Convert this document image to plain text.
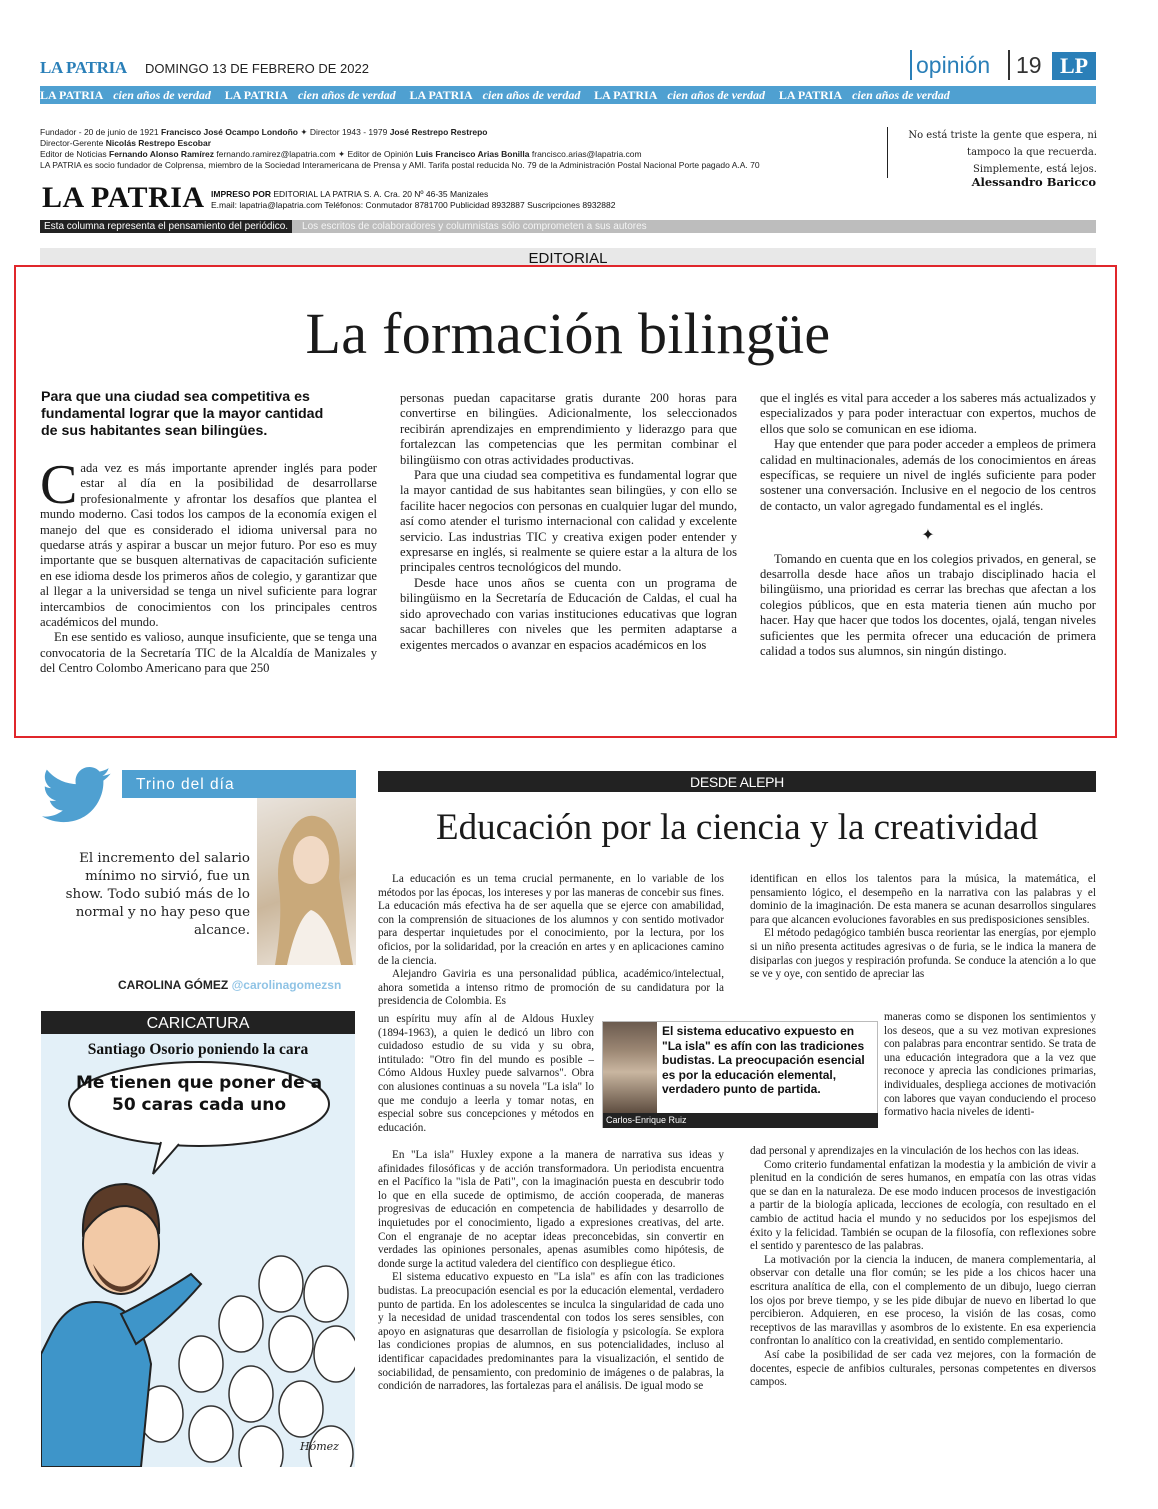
LA PATRIA DOMINGO 13 DE FEBRERO DE 2022	opinión	19 LP
LA PATRIA cien años de verdad LA PATRIA cien años de verdad LA PATRIA cien años de verdad LA PATRIA cien años de verdad LA PATRIA cien años de verdad
Fundador - 20 de junio de 1921 Francisco José Ocampo Londoño ✦ Director 1943 - 1979 José Restrepo Restrepo
Director-Gerente Nicolás Restrepo Escobar
Editor de Noticias Fernando Alonso Ramírez fernando.ramirez@lapatria.com ✦ Editor de Opinión Luis Francisco Arias Bonilla francisco.arias@lapatria.com
LA PATRIA es socio fundador de Colprensa, miembro de la Sociedad Interamericana de Prensa y AMI. Tarifa postal reducida No. 79 de la Administración Postal Nacional Porte pagado A.A. 70
LA PATRIA IMPRESO POR EDITORIAL LA PATRIA S. A. Cra. 20 Nº 46-35 Manizales
E.mail: lapatria@lapatria.com Teléfonos: Conmutador 8781700 Publicidad 8932887 Suscripciones 8932882
No está triste la gente que espera, ni tampoco la que recuerda. Simplemente, está lejos.
Alessandro Baricco
Esta columna representa el pensamiento del periódico. Los escritos de colaboradores y columnistas sólo comprometen a sus autores
EDITORIAL
La formación bilingüe
Para que una ciudad sea competitiva es fundamental lograr que la mayor cantidad de sus habitantes sean bilingües.

Cada vez es más importante aprender inglés para poder estar al día en la posibilidad de desarrollarse profesionalmente y afrontar los desafíos que plantea el mundo moderno. Casi todos los campos de la economía exigen el manejo del que es considerado el idioma universal para no quedarse atrás y aspirar a buscar un mejor futuro. Por eso es muy importante que se busquen alternativas de capacitación suficiente en ese idioma desde los primeros años de colegio, y garantizar que al llegar a la universidad se tenga un nivel suficiente para lograr intercambios de conocimientos con los principales centros académicos del mundo.

En ese sentido es valioso, aunque insuficiente, que se tenga una convocatoria de la Secretaría TIC de la Alcaldía de Manizales y del Centro Colombo Americano para que 250

personas puedan capacitarse gratis durante 200 horas para convertirse en bilingües. Adicionalmente, los seleccionados recibirán aprendizajes en emprendimiento y liderazgo para que fortalezcan las competencias que les permitan combinar el bilingüismo con otras actividades productivas.

Para que una ciudad sea competitiva es fundamental lograr que la mayor cantidad de sus habitantes sean bilingües, y con ello se facilite hacer negocios con personas en cualquier lugar del mundo, así como atender el turismo internacional con calidad y excelente servicio. Las industrias TIC y creativa exigen poder entender y expresarse en inglés, si realmente se quiere estar a la altura de los principales centros tecnológicos del mundo.

Desde hace unos años se cuenta con un programa de bilingüismo en la Secretaría de Educación de Caldas, el cual ha sido aprovechado con varias instituciones educativas que logran sacar bachilleres con niveles que les permiten adaptarse a exigentes mercados o avanzar en espacios académicos en los

que el inglés es vital para acceder a los saberes más actualizados y especializados y para poder interactuar con expertos, muchos de ellos que solo se comunican en ese idioma.

Hay que entender que para poder acceder a empleos de primera calidad en multinacionales, además de los conocimientos en áreas específicas, se requiere un nivel de inglés suficiente para poder sostener una conversación. Inclusive en el negocio de los centros de contacto, un valor agregado fundamental es el inglés.

✦

Tomando en cuenta que en los colegios privados, en general, se desarrolla desde hace años un trabajo disciplinado hacia el bilingüismo, una prioridad es cerrar las brechas que afectan a los colegios públicos, que en esta materia tienen aún mucho por hacer. Hay que hacer que todos los docentes, ojalá, tengan niveles suficientes que les permita ofrecer una educación de primera calidad a todos sus alumnos, sin ningún distingo.

Trino del día
El incremento del salario mínimo no sirvió, fue un show. Todo subió más de lo normal y no hay peso que alcance.
CAROLINA GÓMEZ @carolinagomezsn
CARICATURA
Santiago Osorio poniendo la cara
Me tienen que poner de a 50 caras cada uno
Hómez
DESDE ALEPH
Educación por la ciencia y la creatividad

La educación es un tema crucial permanente, en lo variable de los métodos por las épocas, los intereses y por las maneras de concebir sus fines. La educación más efectiva ha de ser aquella que se ejerce con amabilidad, con la comprensión de situaciones de los alumnos y con sentido motivador para despertar inquietudes por el conocimiento, por la lectura, por los oficios, por la solidaridad, por la creación en artes y en aplicaciones camino de la ciencia.

Alejandro Gaviria es una personalidad pública, académico/intelectual, ahora sometida a intenso ritmo de promoción de su candidatura por la presidencia de Colombia. Es

un espíritu muy afín al de Aldous Huxley (1894-1963), a quien le dedicó un libro con cuidadoso estudio de su vida y su obra, intitulado: "Otro fin del mundo es posible – Cómo Aldous Huxley puede salvarnos". Obra con alusiones continuas a su novela "La isla" lo que me condujo a leerla y tomar notas, en especial sobre sus concepciones y métodos en educación.

En "La isla" Huxley expone a la manera de narrativa sus ideas y afinidades filosóficas y de acción transformadora. Un periodista encuentra en el Pacífico la "isla de Pati", con la imaginación puesta en descubrir todo lo que en ella sucede de optimismo, de acción cooperada, de maneras progresivas de educación en competencia de habilidades y desarrollo de inquietudes por el conocimiento, ligado a expresiones creativas, del arte. Con el engranaje de no aceptar ideas preconcebidas, sin convertir en verdades las opiniones personales, apenas asumibles como hipótesis, de donde surge la actitud valedera del científico con despliegue ético.

El sistema educativo expuesto en "La isla" es afín con las tradiciones budistas. La preocupación esencial es por la educación elemental, verdadero punto de partida. En los adolescentes se inculca la singularidad de cada uno y la necesidad de unidad trascendental con todos los seres sensibles, con apoyo en asignaturas que desarrollan de fisiología y psicología. Se explora las condiciones propias de alumnos, en sus potencialidades, incluso al identificar capacidades predominantes para la visualización, el sentido de sociabilidad, de pensamiento, con predominio de imágenes o de palabras, la condición de narradores, las fortalezas para el análisis. De igual modo se

identifican en ellos los talentos para la música, la matemática, el pensamiento lógico, el desempeño en la narrativa con las palabras y el dominio de la imaginación. De esta manera se acunan desarrollos singulares para que alcancen evoluciones favorables en sus predisposiciones sensibles.

El método pedagógico también busca reorientar las energías, por ejemplo si un niño presenta actitudes agresivas o de furia, se le indica la manera de disiparlas con juegos y respiración profunda. Se conduce la atención a lo que se ve y oye, con sentido de apreciar las

maneras como se disponen los sentimientos y los deseos, que a su vez motivan expresiones con palabras para encontrar sentido. Se trata de una educación integradora que a la vez que reconoce y aprecia las condiciones primarias, individuales, despliega acciones de motivación con labores que vayan conduciendo el proceso formativo hacia niveles de identi-

dad personal y aprendizajes en la vinculación de los hechos con las ideas.

Como criterio fundamental enfatizan la modestia y la ambición de vivir a plenitud en la condición de seres humanos, en empatía con las otras vidas que se dan en la naturaleza. De ese modo inducen procesos de investigación a partir de la biología aplicada, lecciones de ecología, con resultado en el cambio de actitud hacia el mundo y no seducidos por los espejismos del éxito y la felicidad. También se ocupan de la filosofía, con reflexiones sobre el sentido y parentesco de las palabras.

La motivación por la ciencia la inducen, de manera complementaria, al observar con detalle una flor común; se les pide a los chicos hacer una escritura analítica de ella, con el complemento de un dibujo, luego cierran los ojos por breve tiempo, y se les pide dibujar de nuevo en libertad lo que percibieron. Adquieren, en ese proceso, la visión de las cosas, como receptivos de las maravillas y asombros de lo existente. En esa experiencia confrontan lo analítico con la creatividad, en sentido complementario.

Así cabe la posibilidad de ser cada vez mejores, con la formación de docentes, especie de anfibios culturales, personas competentes en diversos campos.

El sistema educativo expuesto en "La isla" es afín con las tradiciones budistas. La preocupación esencial es por la educación elemental, verdadero punto de partida.
Carlos-Enrique Ruiz
